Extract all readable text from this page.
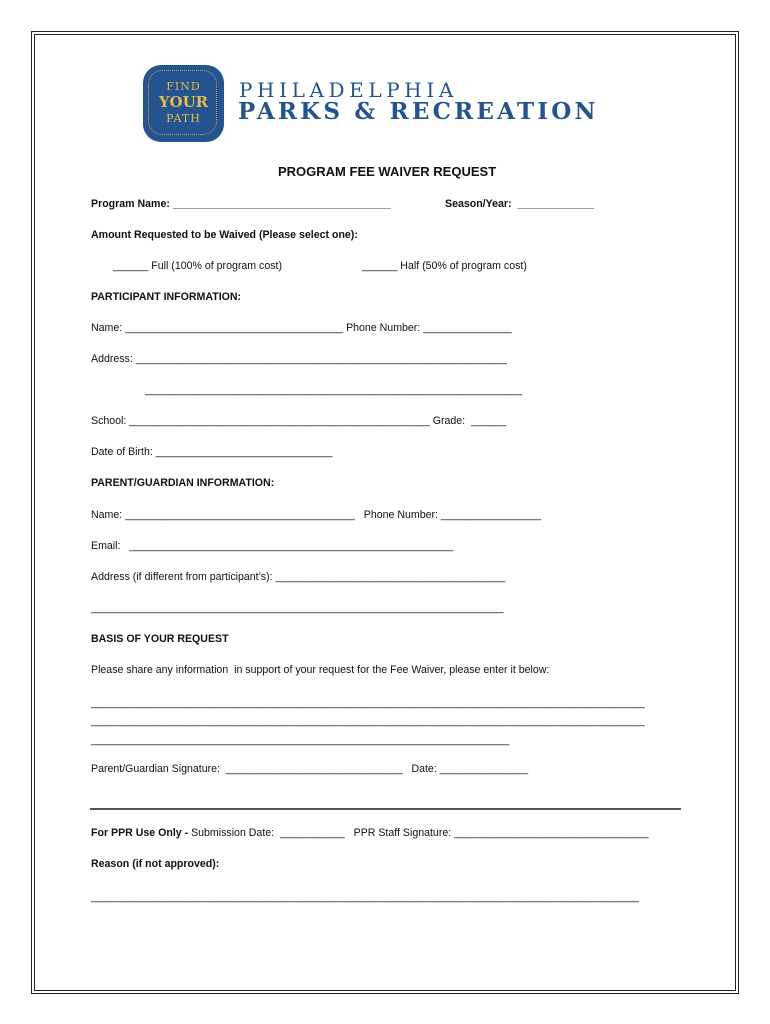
FIND
YOUR
PATH
PHILADELPHIA
PARKS & RECREATION
PROGRAM FEE WAIVER REQUEST
Program Name: _____________________________________	Season/Year:  _____________
Amount Requested to be Waived (Please select one):
______ Full (100% of program cost)	______ Half (50% of program cost)
PARTICIPANT INFORMATION:
Name: _____________________________________ Phone Number: _______________
Address: _______________________________________________________________
________________________________________________________________
School: ___________________________________________________ Grade:  ______
Date of Birth: ______________________________
PARENT/GUARDIAN INFORMATION:
Name: _______________________________________   Phone Number: _________________
Email:   _______________________________________________________
Address (if different from participant’s): _______________________________________
______________________________________________________________________
BASIS OF YOUR REQUEST
Please share any information  in support of your request for the Fee Waiver, please enter it below:
______________________________________________________________________________________________
______________________________________________________________________________________________
_______________________________________________________________________
Parent/Guardian Signature:  ______________________________   Date: _______________
For PPR Use Only - Submission Date:  ___________   PPR Staff Signature: _________________________________
Reason (if not approved):
_____________________________________________________________________________________________
